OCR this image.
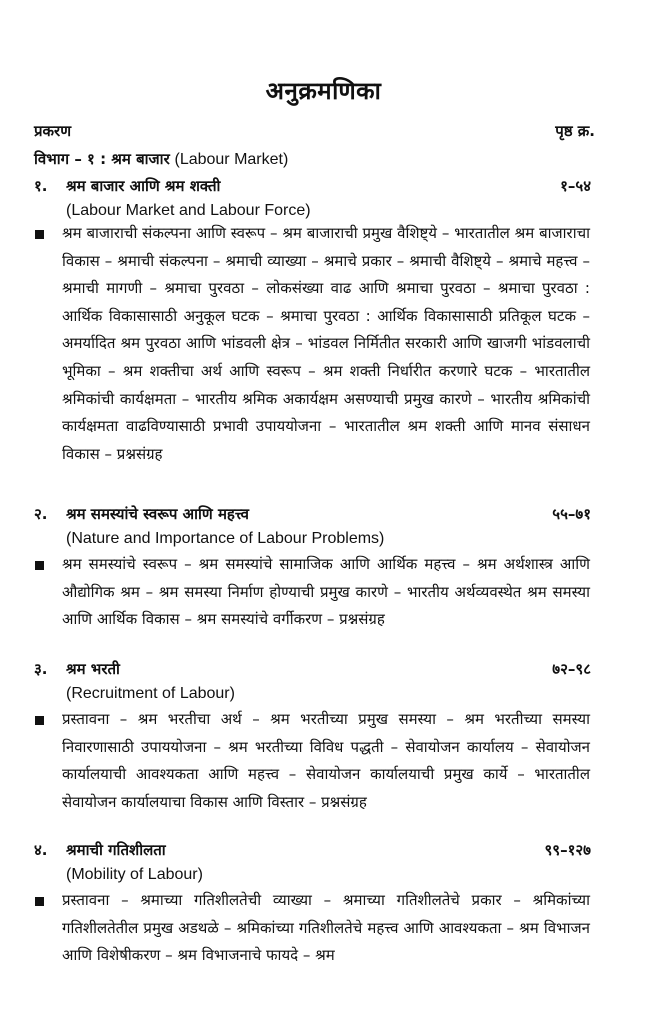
अनुक्रमणिका
प्रकरण	पृष्ठ क्र.
विभाग – १ : श्रम बाजार (Labour Market)
१. श्रम बाजार आणि श्रम शक्ती	१–५४
(Labour Market and Labour Force)
श्रम बाजाराची संकल्पना आणि स्वरूप – श्रम बाजाराची प्रमुख वैशिष्ट्ये – भारतातील श्रम बाजाराचा विकास – श्रमाची संकल्पना – श्रमाची व्याख्या – श्रमाचे प्रकार – श्रमाची वैशिष्ट्ये – श्रमाचे महत्त्व – श्रमाची मागणी – श्रमाचा पुरवठा – लोकसंख्या वाढ आणि श्रमाचा पुरवठा – श्रमाचा पुरवठा : आर्थिक विकासासाठी अनुकूल घटक – श्रमाचा पुरवठा : आर्थिक विकासासाठी प्रतिकूल घटक – अमर्यादित श्रम पुरवठा आणि भांडवली क्षेत्र – भांडवल निर्मितीत सरकारी आणि खाजगी भांडवलाची भूमिका – श्रम शक्तीचा अर्थ आणि स्वरूप – श्रम शक्ती निर्धारीत करणारे घटक – भारतातील श्रमिकांची कार्यक्षमता – भारतीय श्रमिक अकार्यक्षम असण्याची प्रमुख कारणे – भारतीय श्रमिकांची कार्यक्षमता वाढविण्यासाठी प्रभावी उपाययोजना – भारतातील श्रम शक्ती आणि मानव संसाधन विकास – प्रश्नसंग्रह
२. श्रम समस्यांचे स्वरूप आणि महत्त्व	५५–७१
(Nature and Importance of Labour Problems)
श्रम समस्यांचे स्वरूप – श्रम समस्यांचे सामाजिक आणि आर्थिक महत्त्व – श्रम अर्थशास्त्र आणि औद्योगिक श्रम – श्रम समस्या निर्माण होण्याची प्रमुख कारणे – भारतीय अर्थव्यवस्थेत श्रम समस्या आणि आर्थिक विकास – श्रम समस्यांचे वर्गीकरण – प्रश्नसंग्रह
३. श्रम भरती	७२–९८
(Recruitment of Labour)
प्रस्तावना – श्रम भरतीचा अर्थ – श्रम भरतीच्या प्रमुख समस्या – श्रम भरतीच्या समस्या निवारणासाठी उपाययोजना – श्रम भरतीच्या विविध पद्धती – सेवायोजन कार्यालय – सेवायोजन कार्यालयाची आवश्यकता आणि महत्त्व – सेवायोजन कार्यालयाची प्रमुख कार्ये – भारतातील सेवायोजन कार्यालयाचा विकास आणि विस्तार – प्रश्नसंग्रह
४. श्रमाची गतिशीलता	९९–१२७
(Mobility of Labour)
प्रस्तावना – श्रमाच्या गतिशीलतेची व्याख्या – श्रमाच्या गतिशीलतेचे प्रकार – श्रमिकांच्या गतिशीलतेतील प्रमुख अडथळे – श्रमिकांच्या गतिशीलतेचे महत्त्व आणि आवश्यकता – श्रम विभाजन आणि विशेषीकरण – श्रम विभाजनाचे फायदे – श्रम
